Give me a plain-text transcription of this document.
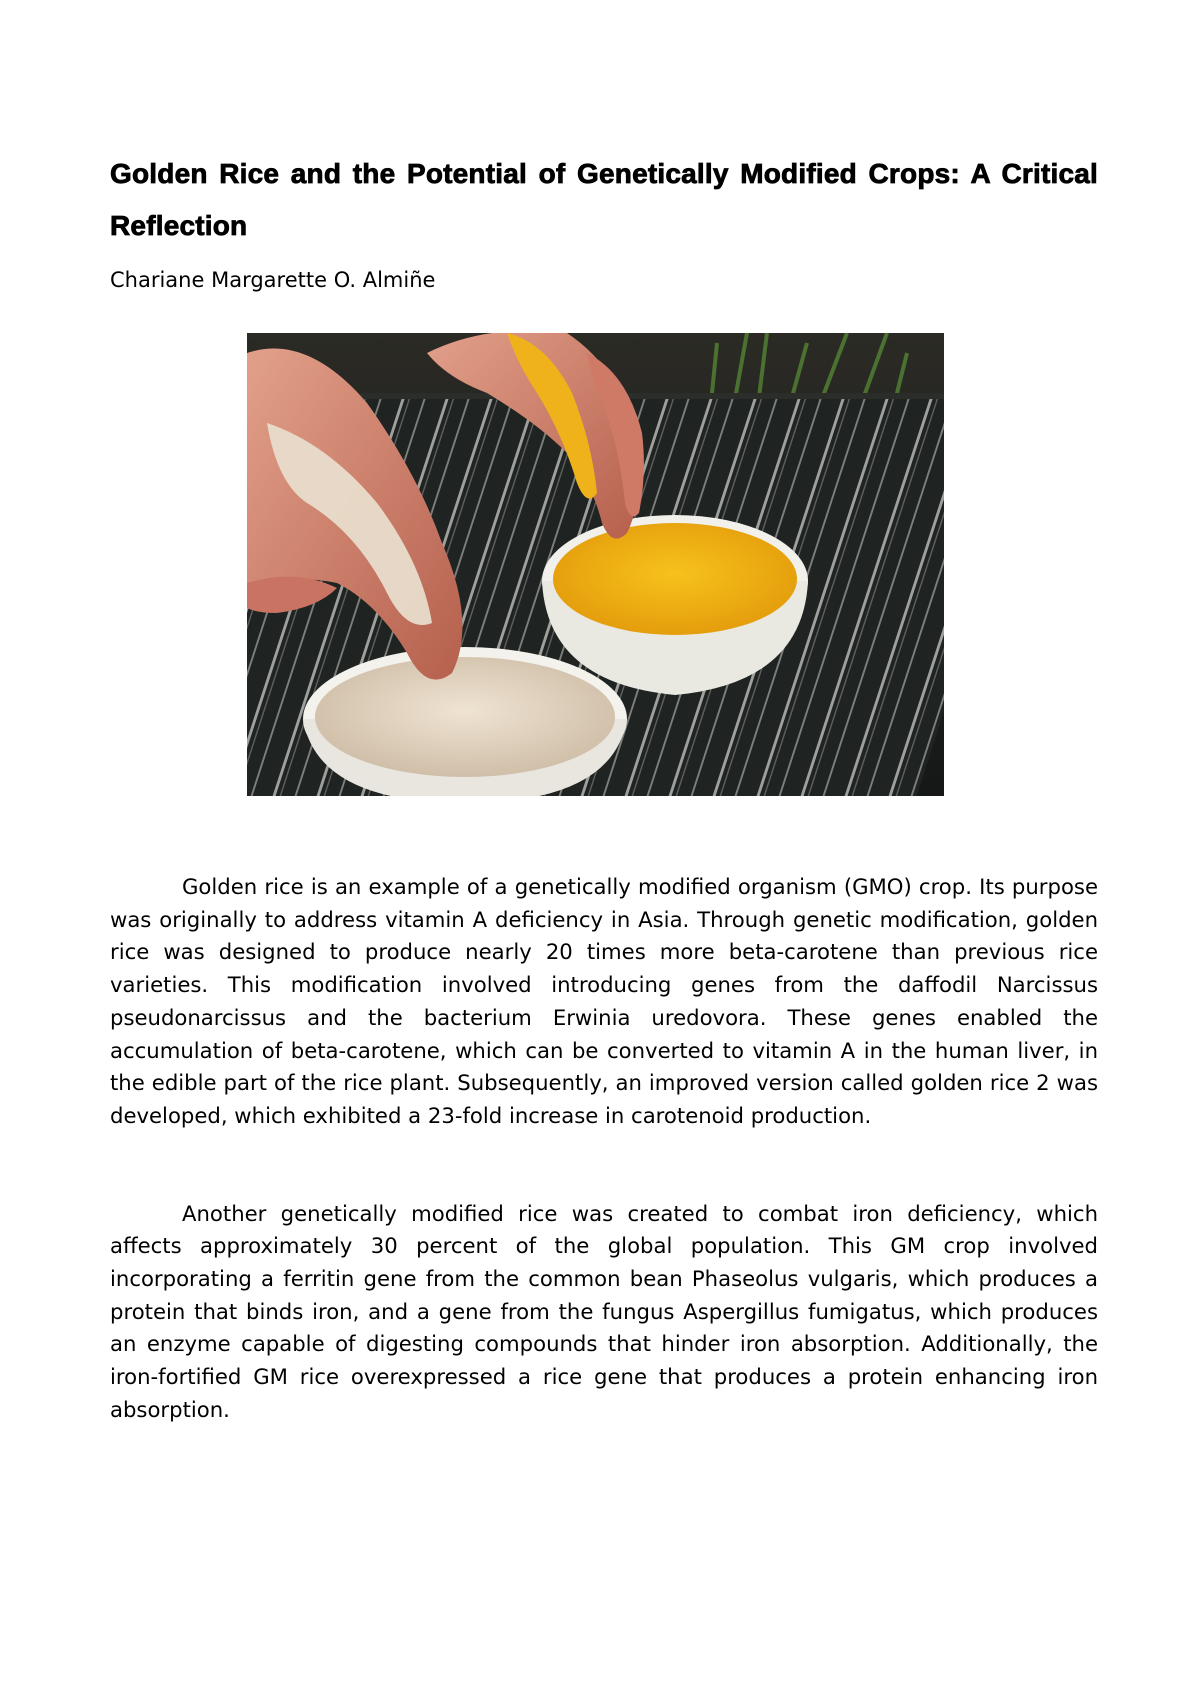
Golden Rice and the Potential of Genetically Modified Crops: A Critical Reflection

Chariane Margarette O. Almiñe

Golden rice is an example of a genetically modified organism (GMO) crop. Its purpose was originally to address vitamin A deficiency in Asia. Through genetic modification, golden rice was designed to produce nearly 20 times more beta-carotene than previous rice varieties. This modification involved introducing genes from the daffodil Narcissus pseudonarcissus and the bacterium Erwinia uredovora. These genes enabled the accumulation of beta-carotene, which can be converted to vitamin A in the human liver, in the edible part of the rice plant. Subsequently, an improved version called golden rice 2 was developed, which exhibited a 23-fold increase in carotenoid production.

Another genetically modified rice was created to combat iron deficiency, which affects approximately 30 percent of the global population. This GM crop involved incorporating a ferritin gene from the common bean Phaseolus vulgaris, which produces a protein that binds iron, and a gene from the fungus Aspergillus fumigatus, which produces an enzyme capable of digesting compounds that hinder iron absorption. Additionally, the iron-fortified GM rice overexpressed a rice gene that produces a protein enhancing iron absorption.
